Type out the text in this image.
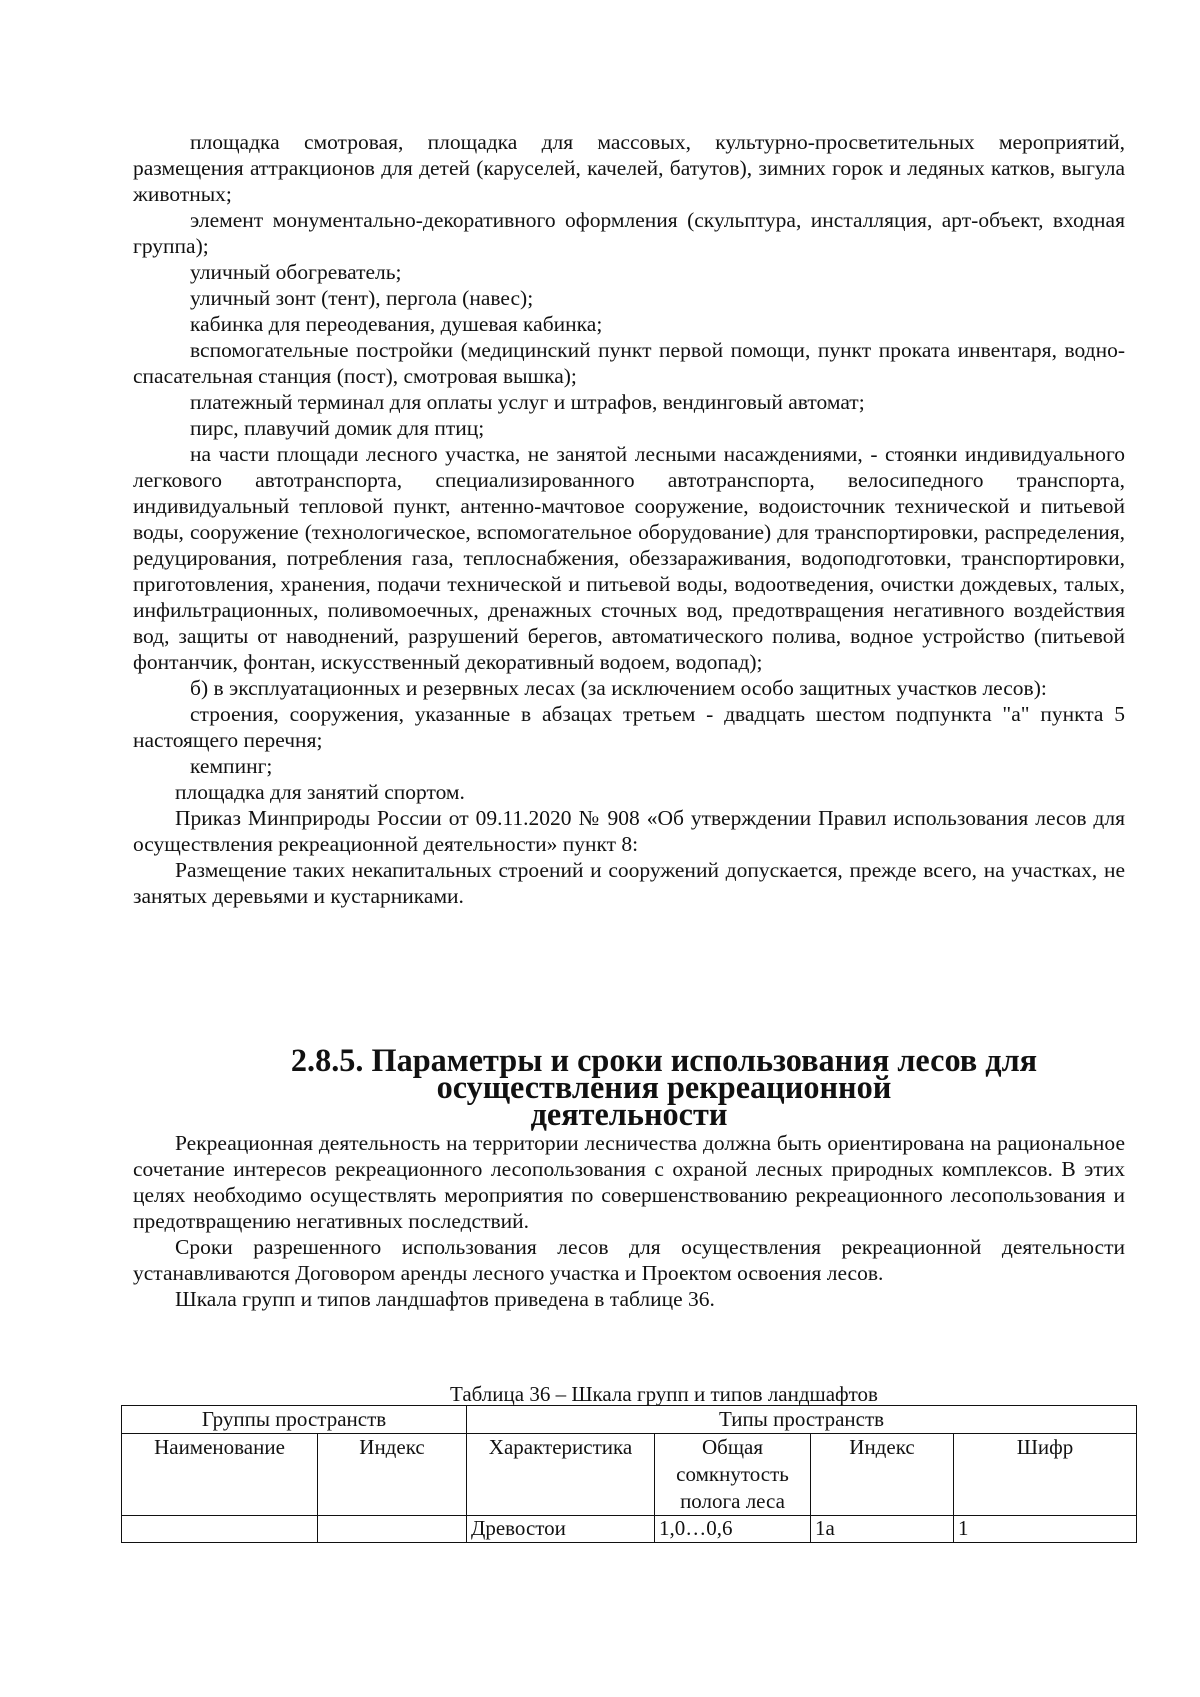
площадка смотровая, площадка для массовых, культурно-просветительных мероприятий, размещения аттракционов для детей (каруселей, качелей, батутов), зимних горок и ледяных катков, выгула животных;

элемент монументально-декоративного оформления (скульптура, инсталляция, арт-объект, входная группа);

уличный обогреватель;

уличный зонт (тент), пергола (навес);

кабинка для переодевания, душевая кабинка;

вспомогательные постройки (медицинский пункт первой помощи, пункт проката инвентаря, водно-спасательная станция (пост), смотровая вышка);

платежный терминал для оплаты услуг и штрафов, вендинговый автомат;

пирс, плавучий домик для птиц;

на части площади лесного участка, не занятой лесными насаждениями, - стоянки индивидуального легкового автотранспорта, специализированного автотранспорта, велосипедного транспорта, индивидуальный тепловой пункт, антенно-мачтовое сооружение, водоисточник технической и питьевой воды, сооружение (технологическое, вспомогательное оборудование) для транспортировки, распределения, редуцирования, потребления газа, теплоснабжения, обеззараживания, водоподготовки, транспортировки, приготовления, хранения, подачи технической и питьевой воды, водоотведения, очистки дождевых, талых, инфильтрационных, поливомоечных, дренажных сточных вод, предотвращения негативного воздействия вод, защиты от наводнений, разрушений берегов, автоматического полива, водное устройство (питьевой фонтанчик, фонтан, искусственный декоративный водоем, водопад);

б) в эксплуатационных и резервных лесах (за исключением особо защитных участков лесов):

строения, сооружения, указанные в абзацах третьем - двадцать шестом подпункта "а" пункта 5 настоящего перечня;

кемпинг;

площадка для занятий спортом.

Приказ Минприроды России от 09.11.2020 № 908 «Об утверждении Правил использования лесов для осуществления рекреационной деятельности» пункт 8:

Размещение таких некапитальных строений и сооружений допускается, прежде всего, на участках, не занятых деревьями и кустарниками.

2.8.5. Параметры и сроки использования лесов для осуществления рекреационной
деятельности

Рекреационная деятельность на территории лесничества должна быть ориентирована на рациональное сочетание интересов рекреационного лесопользования с охраной лесных природных комплексов. В этих целях необходимо осуществлять мероприятия по совершенствованию рекреационного лесопользования и предотвращению негативных последствий.

Сроки разрешенного использования лесов для осуществления рекреационной деятельности устанавливаются Договором аренды лесного участка и Проектом освоения лесов.

Шкала групп и типов ландшафтов приведена в таблице 36.

Таблица 36 – Шкала групп и типов ландшафтов

Группы пространств		Типы пространств			
Наименование	Индекс	Характеристика	Общая сомкнутость полога леса	Индекс	Шифр
		Древостои	1,0…0,6	1а	1
